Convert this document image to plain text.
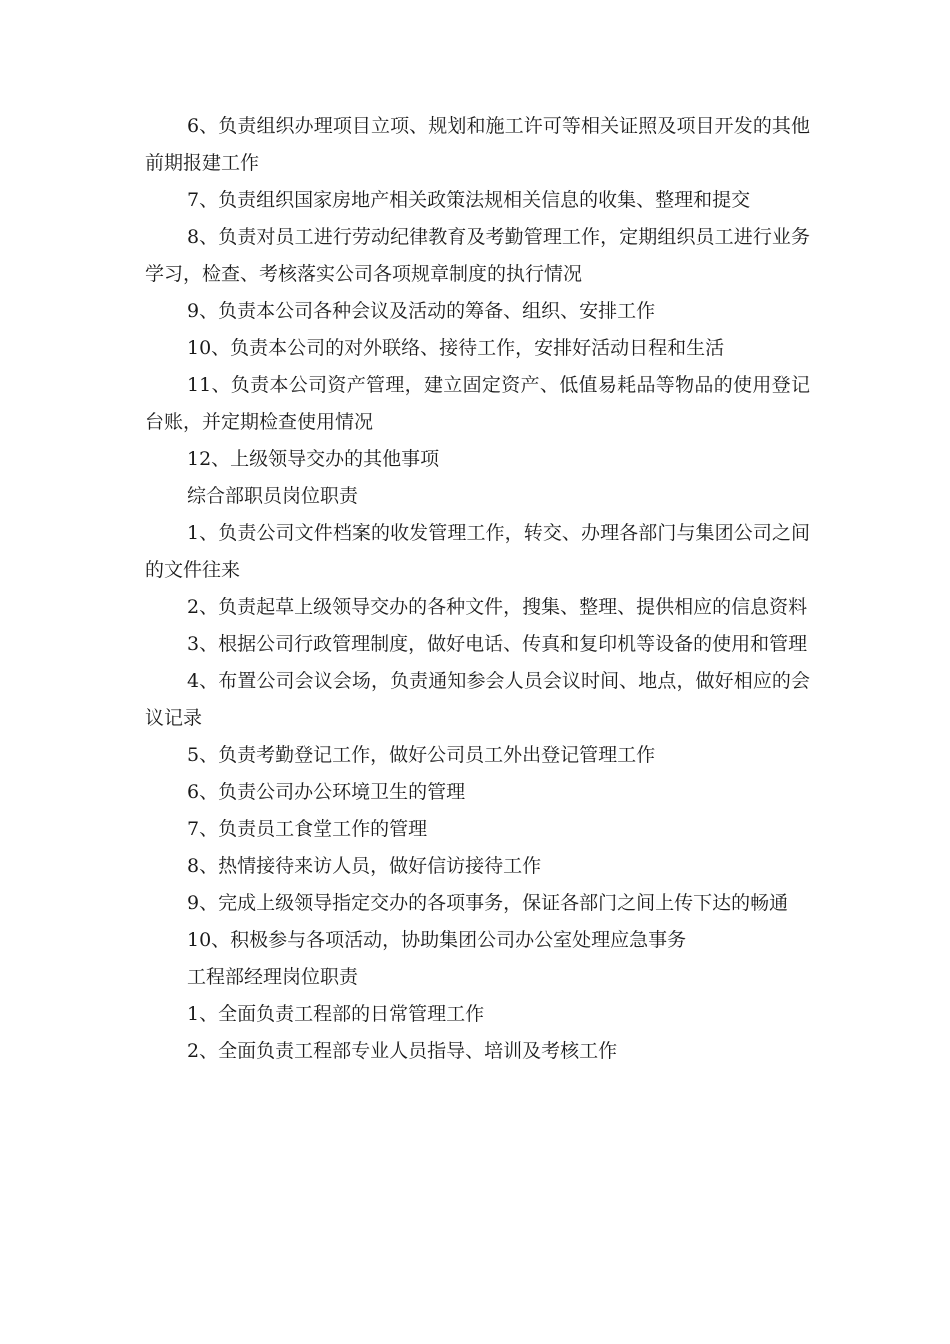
6、负责组织办理项目立项、规划和施工许可等相关证照及项目开发的其他前期报建工作

7、负责组织国家房地产相关政策法规相关信息的收集、整理和提交

8、负责对员工进行劳动纪律教育及考勤管理工作，定期组织员工进行业务学习，检查、考核落实公司各项规章制度的执行情况

9、负责本公司各种会议及活动的筹备、组织、安排工作

10、负责本公司的对外联络、接待工作，安排好活动日程和生活

11、负责本公司资产管理，建立固定资产、低值易耗品等物品的使用登记台账，并定期检查使用情况

12、上级领导交办的其他事项

综合部职员岗位职责

1、负责公司文件档案的收发管理工作，转交、办理各部门与集团公司之间的文件往来

2、负责起草上级领导交办的各种文件，搜集、整理、提供相应的信息资料

3、根据公司行政管理制度，做好电话、传真和复印机等设备的使用和管理

4、布置公司会议会场，负责通知参会人员会议时间、地点，做好相应的会议记录

5、负责考勤登记工作，做好公司员工外出登记管理工作

6、负责公司办公环境卫生的管理

7、负责员工食堂工作的管理

8、热情接待来访人员，做好信访接待工作

9、完成上级领导指定交办的各项事务，保证各部门之间上传下达的畅通

10、积极参与各项活动，协助集团公司办公室处理应急事务

工程部经理岗位职责

1、全面负责工程部的日常管理工作

2、全面负责工程部专业人员指导、培训及考核工作
